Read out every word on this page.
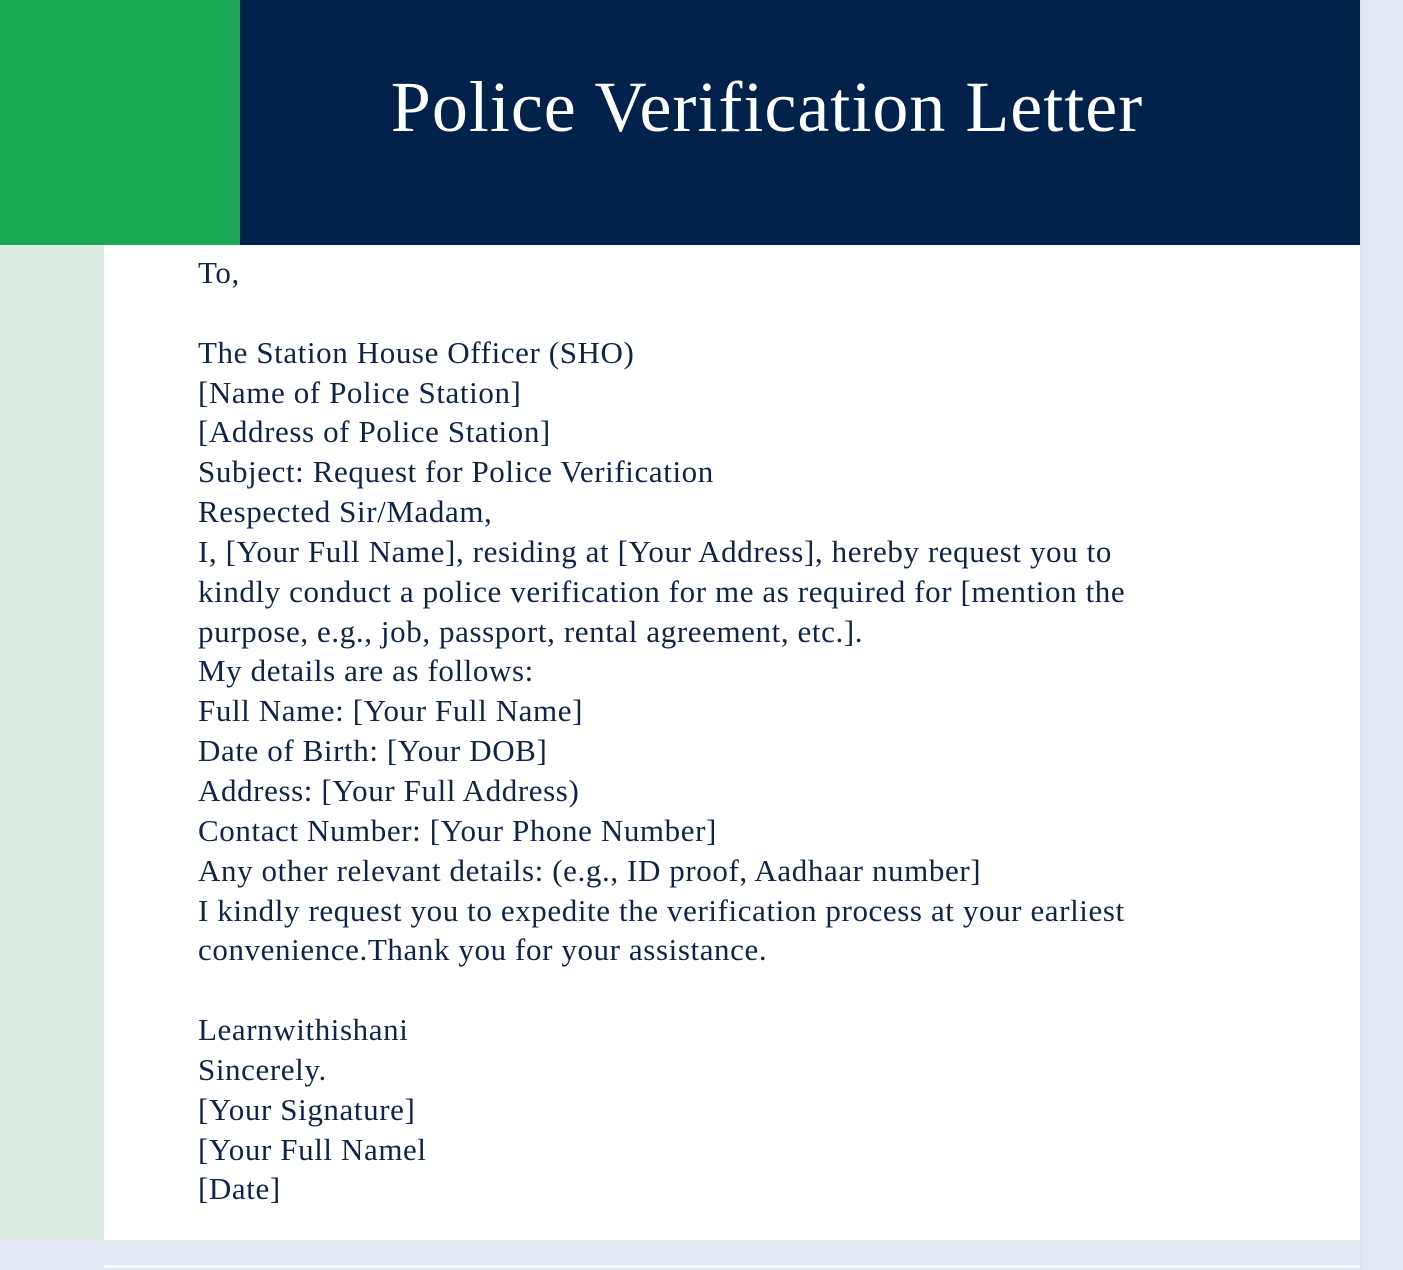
Police Verification Letter
To,
The Station House Officer (SHO)
[Name of Police Station]
[Address of Police Station]
Subject: Request for Police Verification
Respected Sir/Madam,
I, [Your Full Name], residing at [Your Address], hereby request you to
kindly conduct a police verification for me as required for [mention the
purpose, e.g., job, passport, rental agreement, etc.].
My details are as follows:
Full Name: [Your Full Name]
Date of Birth: [Your DOB]
Address: [Your Full Address)
Contact Number: [Your Phone Number]
Any other relevant details: (e.g., ID proof, Aadhaar number]
I kindly request you to expedite the verification process at your earliest
convenience.Thank you for your assistance.
Learnwithishani
Sincerely.
[Your Signature]
[Your Full Namel
[Date]
